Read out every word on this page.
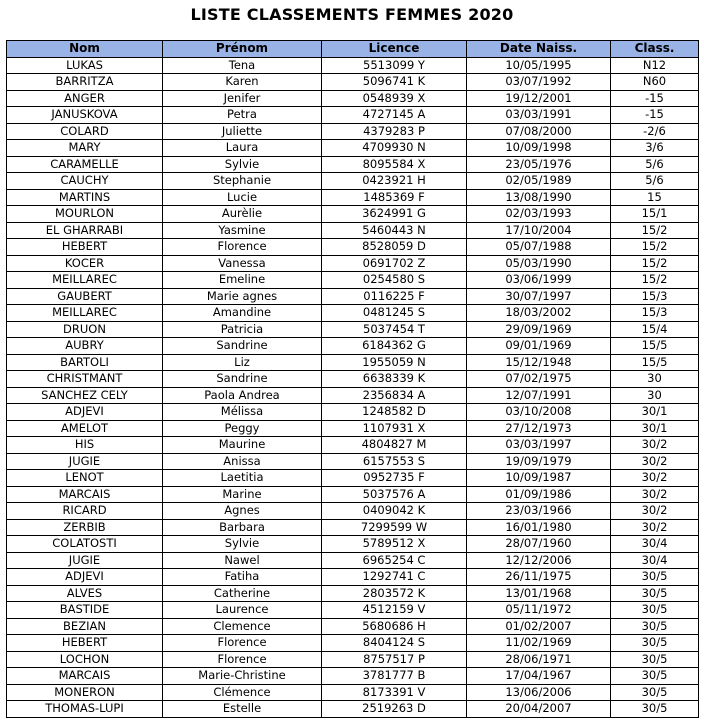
LISTE CLASSEMENTS FEMMES 2020
Nom	Prénom	Licence	Date Naiss.	Class.
LUKAS	Tena	5513099 Y	10/05/1995	N12
BARRITZA	Karen	5096741 K	03/07/1992	N60
ANGER	Jenifer	0548939 X	19/12/2001	-15
JANUSKOVA	Petra	4727145 A	03/03/1991	-15
COLARD	Juliette	4379283 P	07/08/2000	-2/6
MARY	Laura	4709930 N	10/09/1998	3/6
CARAMELLE	Sylvie	8095584 X	23/05/1976	5/6
CAUCHY	Stephanie	0423921 H	02/05/1989	5/6
MARTINS	Lucie	1485369 F	13/08/1990	15
MOURLON	Aurèlie	3624991 G	02/03/1993	15/1
EL GHARRABI	Yasmine	5460443 N	17/10/2004	15/2
HEBERT	Florence	8528059 D	05/07/1988	15/2
KOCER	Vanessa	0691702 Z	05/03/1990	15/2
MEILLAREC	Emeline	0254580 S	03/06/1999	15/2
GAUBERT	Marie agnes	0116225 F	30/07/1997	15/3
MEILLAREC	Amandine	0481245 S	18/03/2002	15/3
DRUON	Patricia	5037454 T	29/09/1969	15/4
AUBRY	Sandrine	6184362 G	09/01/1969	15/5
BARTOLI	Liz	1955059 N	15/12/1948	15/5
CHRISTMANT	Sandrine	6638339 K	07/02/1975	30
SANCHEZ CELY	Paola Andrea	2356834 A	12/07/1991	30
ADJEVI	Mélissa	1248582 D	03/10/2008	30/1
AMELOT	Peggy	1107931 X	27/12/1973	30/1
HIS	Maurine	4804827 M	03/03/1997	30/2
JUGIE	Anissa	6157553 S	19/09/1979	30/2
LENOT	Laetitia	0952735 F	10/09/1987	30/2
MARCAIS	Marine	5037576 A	01/09/1986	30/2
RICARD	Agnes	0409042 K	23/03/1966	30/2
ZERBIB	Barbara	7299599 W	16/01/1980	30/2
COLATOSTI	Sylvie	5789512 X	28/07/1960	30/4
JUGIE	Nawel	6965254 C	12/12/2006	30/4
ADJEVI	Fatiha	1292741 C	26/11/1975	30/5
ALVES	Catherine	2803572 K	13/01/1968	30/5
BASTIDE	Laurence	4512159 V	05/11/1972	30/5
BEZIAN	Clemence	5680686 H	01/02/2007	30/5
HEBERT	Florence	8404124 S	11/02/1969	30/5
LOCHON	Florence	8757517 P	28/06/1971	30/5
MARCAIS	Marie-Christine	3781777 B	17/04/1967	30/5
MONERON	Clémence	8173391 V	13/06/2006	30/5
THOMAS-LUPI	Estelle	2519263 D	20/04/2007	30/5
